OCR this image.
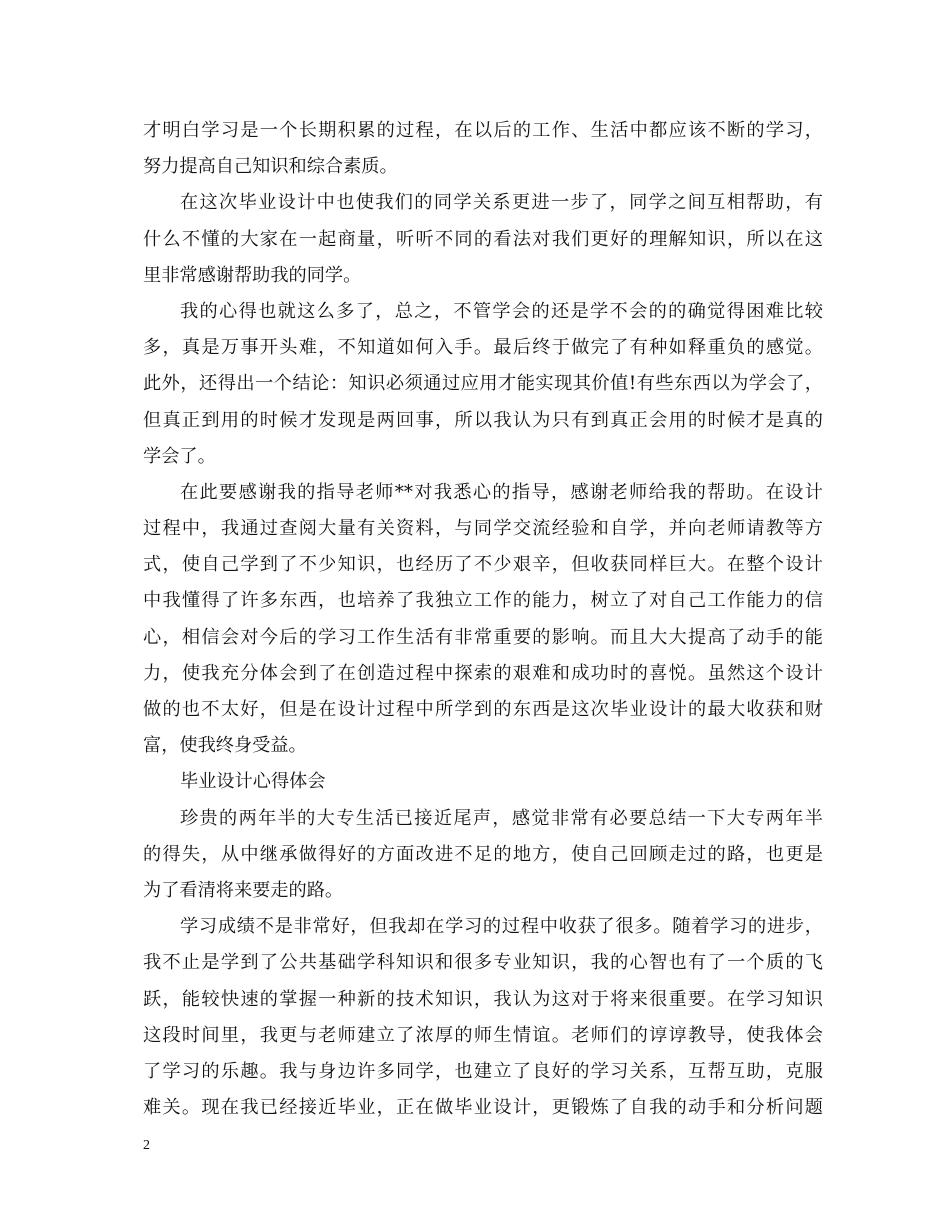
才明白学习是一个长期积累的过程，在以后的工作、生活中都应该不断的学习，
努力提高自己知识和综合素质。
在这次毕业设计中也使我们的同学关系更进一步了，同学之间互相帮助，有
什么不懂的大家在一起商量，听听不同的看法对我们更好的理解知识，所以在这
里非常感谢帮助我的同学。
我的心得也就这么多了，总之，不管学会的还是学不会的的确觉得困难比较
多，真是万事开头难，不知道如何入手。最后终于做完了有种如释重负的感觉。
此外，还得出一个结论：知识必须通过应用才能实现其价值!有些东西以为学会了，
但真正到用的时候才发现是两回事，所以我认为只有到真正会用的时候才是真的
学会了。
在此要感谢我的指导老师**对我悉心的指导，感谢老师给我的帮助。在设计
过程中，我通过查阅大量有关资料，与同学交流经验和自学，并向老师请教等方
式，使自己学到了不少知识，也经历了不少艰辛，但收获同样巨大。在整个设计
中我懂得了许多东西，也培养了我独立工作的能力，树立了对自己工作能力的信
心，相信会对今后的学习工作生活有非常重要的影响。而且大大提高了动手的能
力，使我充分体会到了在创造过程中探索的艰难和成功时的喜悦。虽然这个设计
做的也不太好，但是在设计过程中所学到的东西是这次毕业设计的最大收获和财
富，使我终身受益。
毕业设计心得体会
珍贵的两年半的大专生活已接近尾声，感觉非常有必要总结一下大专两年半
的得失，从中继承做得好的方面改进不足的地方，使自己回顾走过的路，也更是
为了看清将来要走的路。
学习成绩不是非常好，但我却在学习的过程中收获了很多。随着学习的进步，
我不止是学到了公共基础学科知识和很多专业知识，我的心智也有了一个质的飞
跃，能较快速的掌握一种新的技术知识，我认为这对于将来很重要。在学习知识
这段时间里，我更与老师建立了浓厚的师生情谊。老师们的谆谆教导，使我体会
了学习的乐趣。我与身边许多同学，也建立了良好的学习关系，互帮互助，克服
难关。现在我已经接近毕业，正在做毕业设计，更锻炼了自我的动手和分析问题
2
